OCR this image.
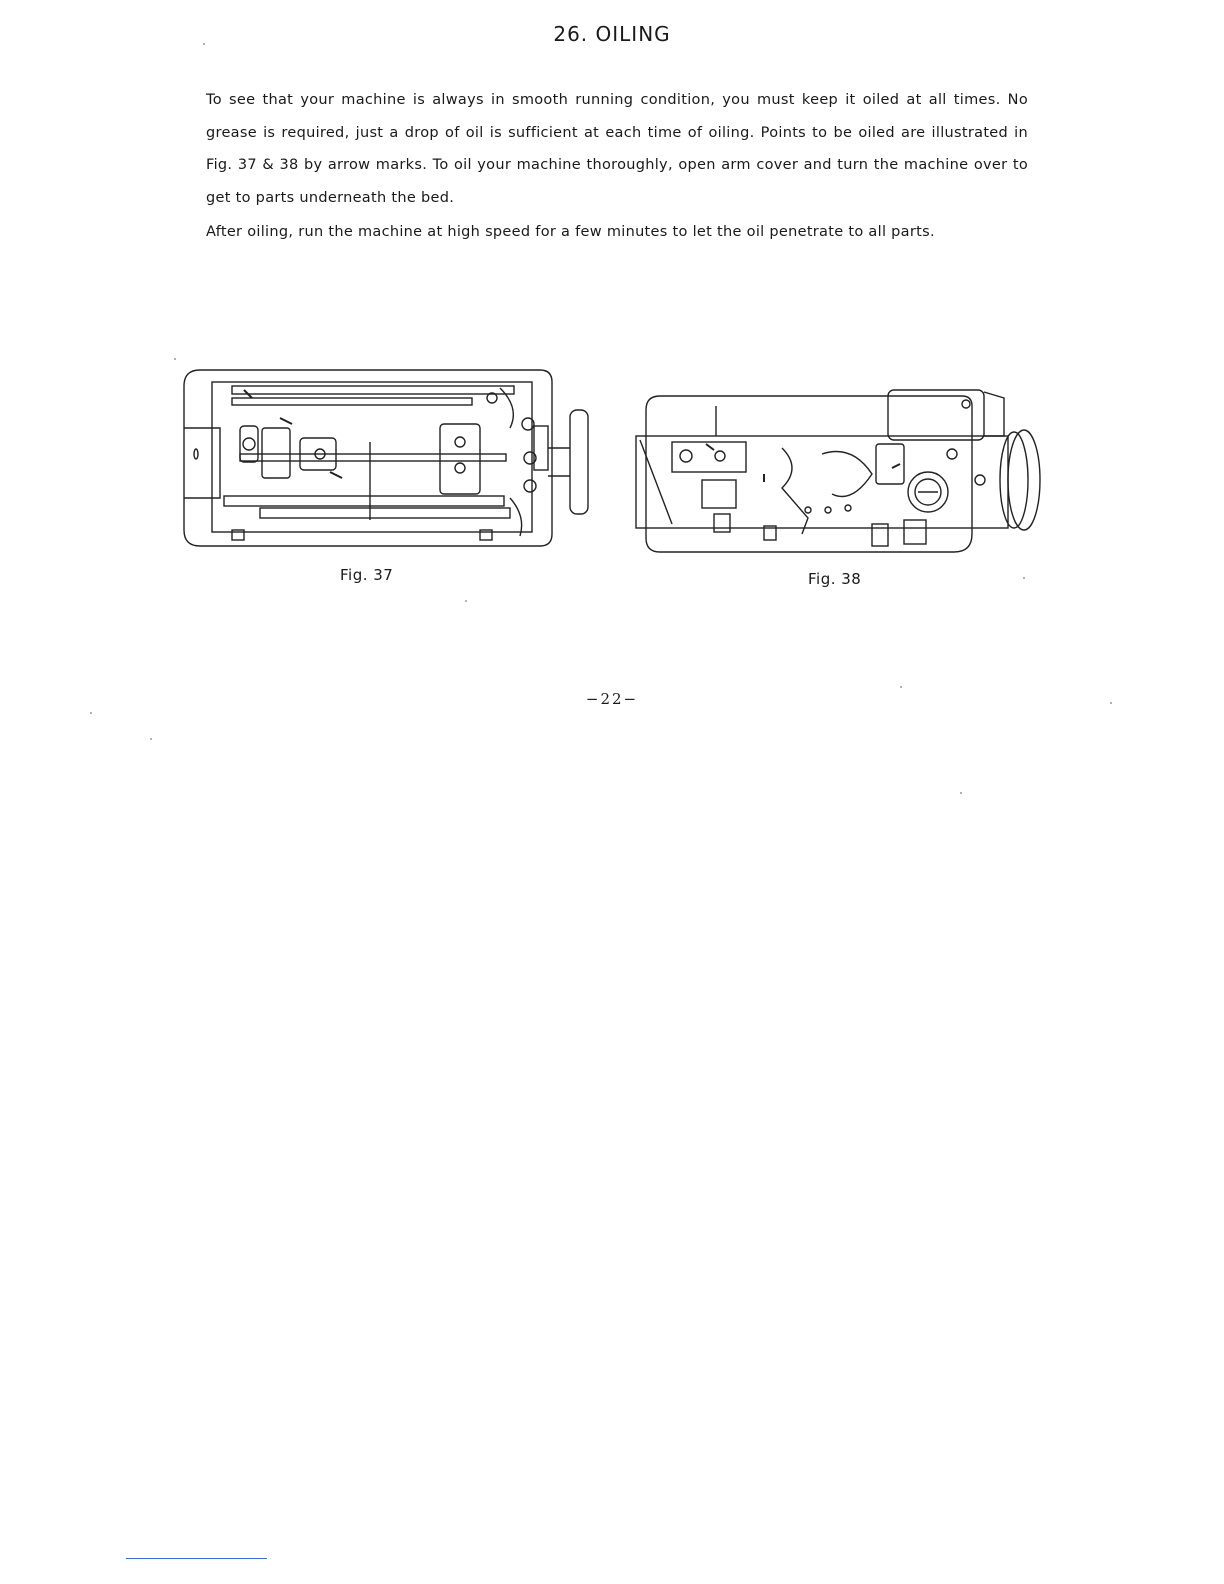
26. OILING

To see that your machine is always in smooth running condition, you must keep it oiled at all times. No grease is required, just a drop of oil is sufficient at each time of oiling. Points to be oiled are illustrated in Fig. 37 & 38 by arrow marks. To oil your machine thoroughly, open arm cover and turn the machine over to get to parts underneath the bed.

After oiling, run the machine at high speed for a few minutes to let the oil penetrate to all parts.

Fig. 37	Fig. 38
−22−
